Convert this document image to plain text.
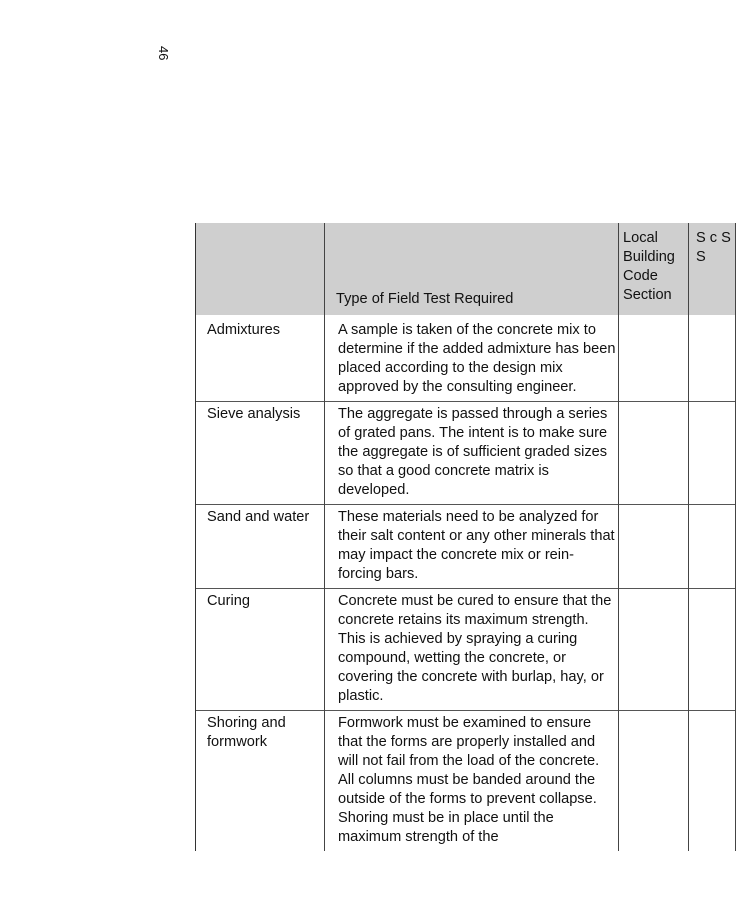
46
	Type of Field Test Required	Local Building Code Section	S c S S
Admixtures	A sample is taken of the concrete mix to determine if the added admixture has been placed according to the design mix approved by the consulting engineer.		
Sieve analysis	The aggregate is passed through a series of grated pans. The intent is to make sure the aggregate is of sufficient graded sizes so that a good concrete matrix is developed.		
Sand and water	These materials need to be analyzed for their salt content or any other minerals that may impact the concrete mix or rein-forcing bars.		
Curing	Concrete must be cured to ensure that the concrete retains its maximum strength. This is achieved by spraying a curing compound, wetting the concrete, or covering the concrete with burlap, hay, or plastic.		
Shoring and formwork	Formwork must be examined to ensure that the forms are properly installed and will not fail from the load of the concrete. All columns must be banded around the outside of the forms to prevent collapse. Shoring must be in place until the maximum strength of the		
